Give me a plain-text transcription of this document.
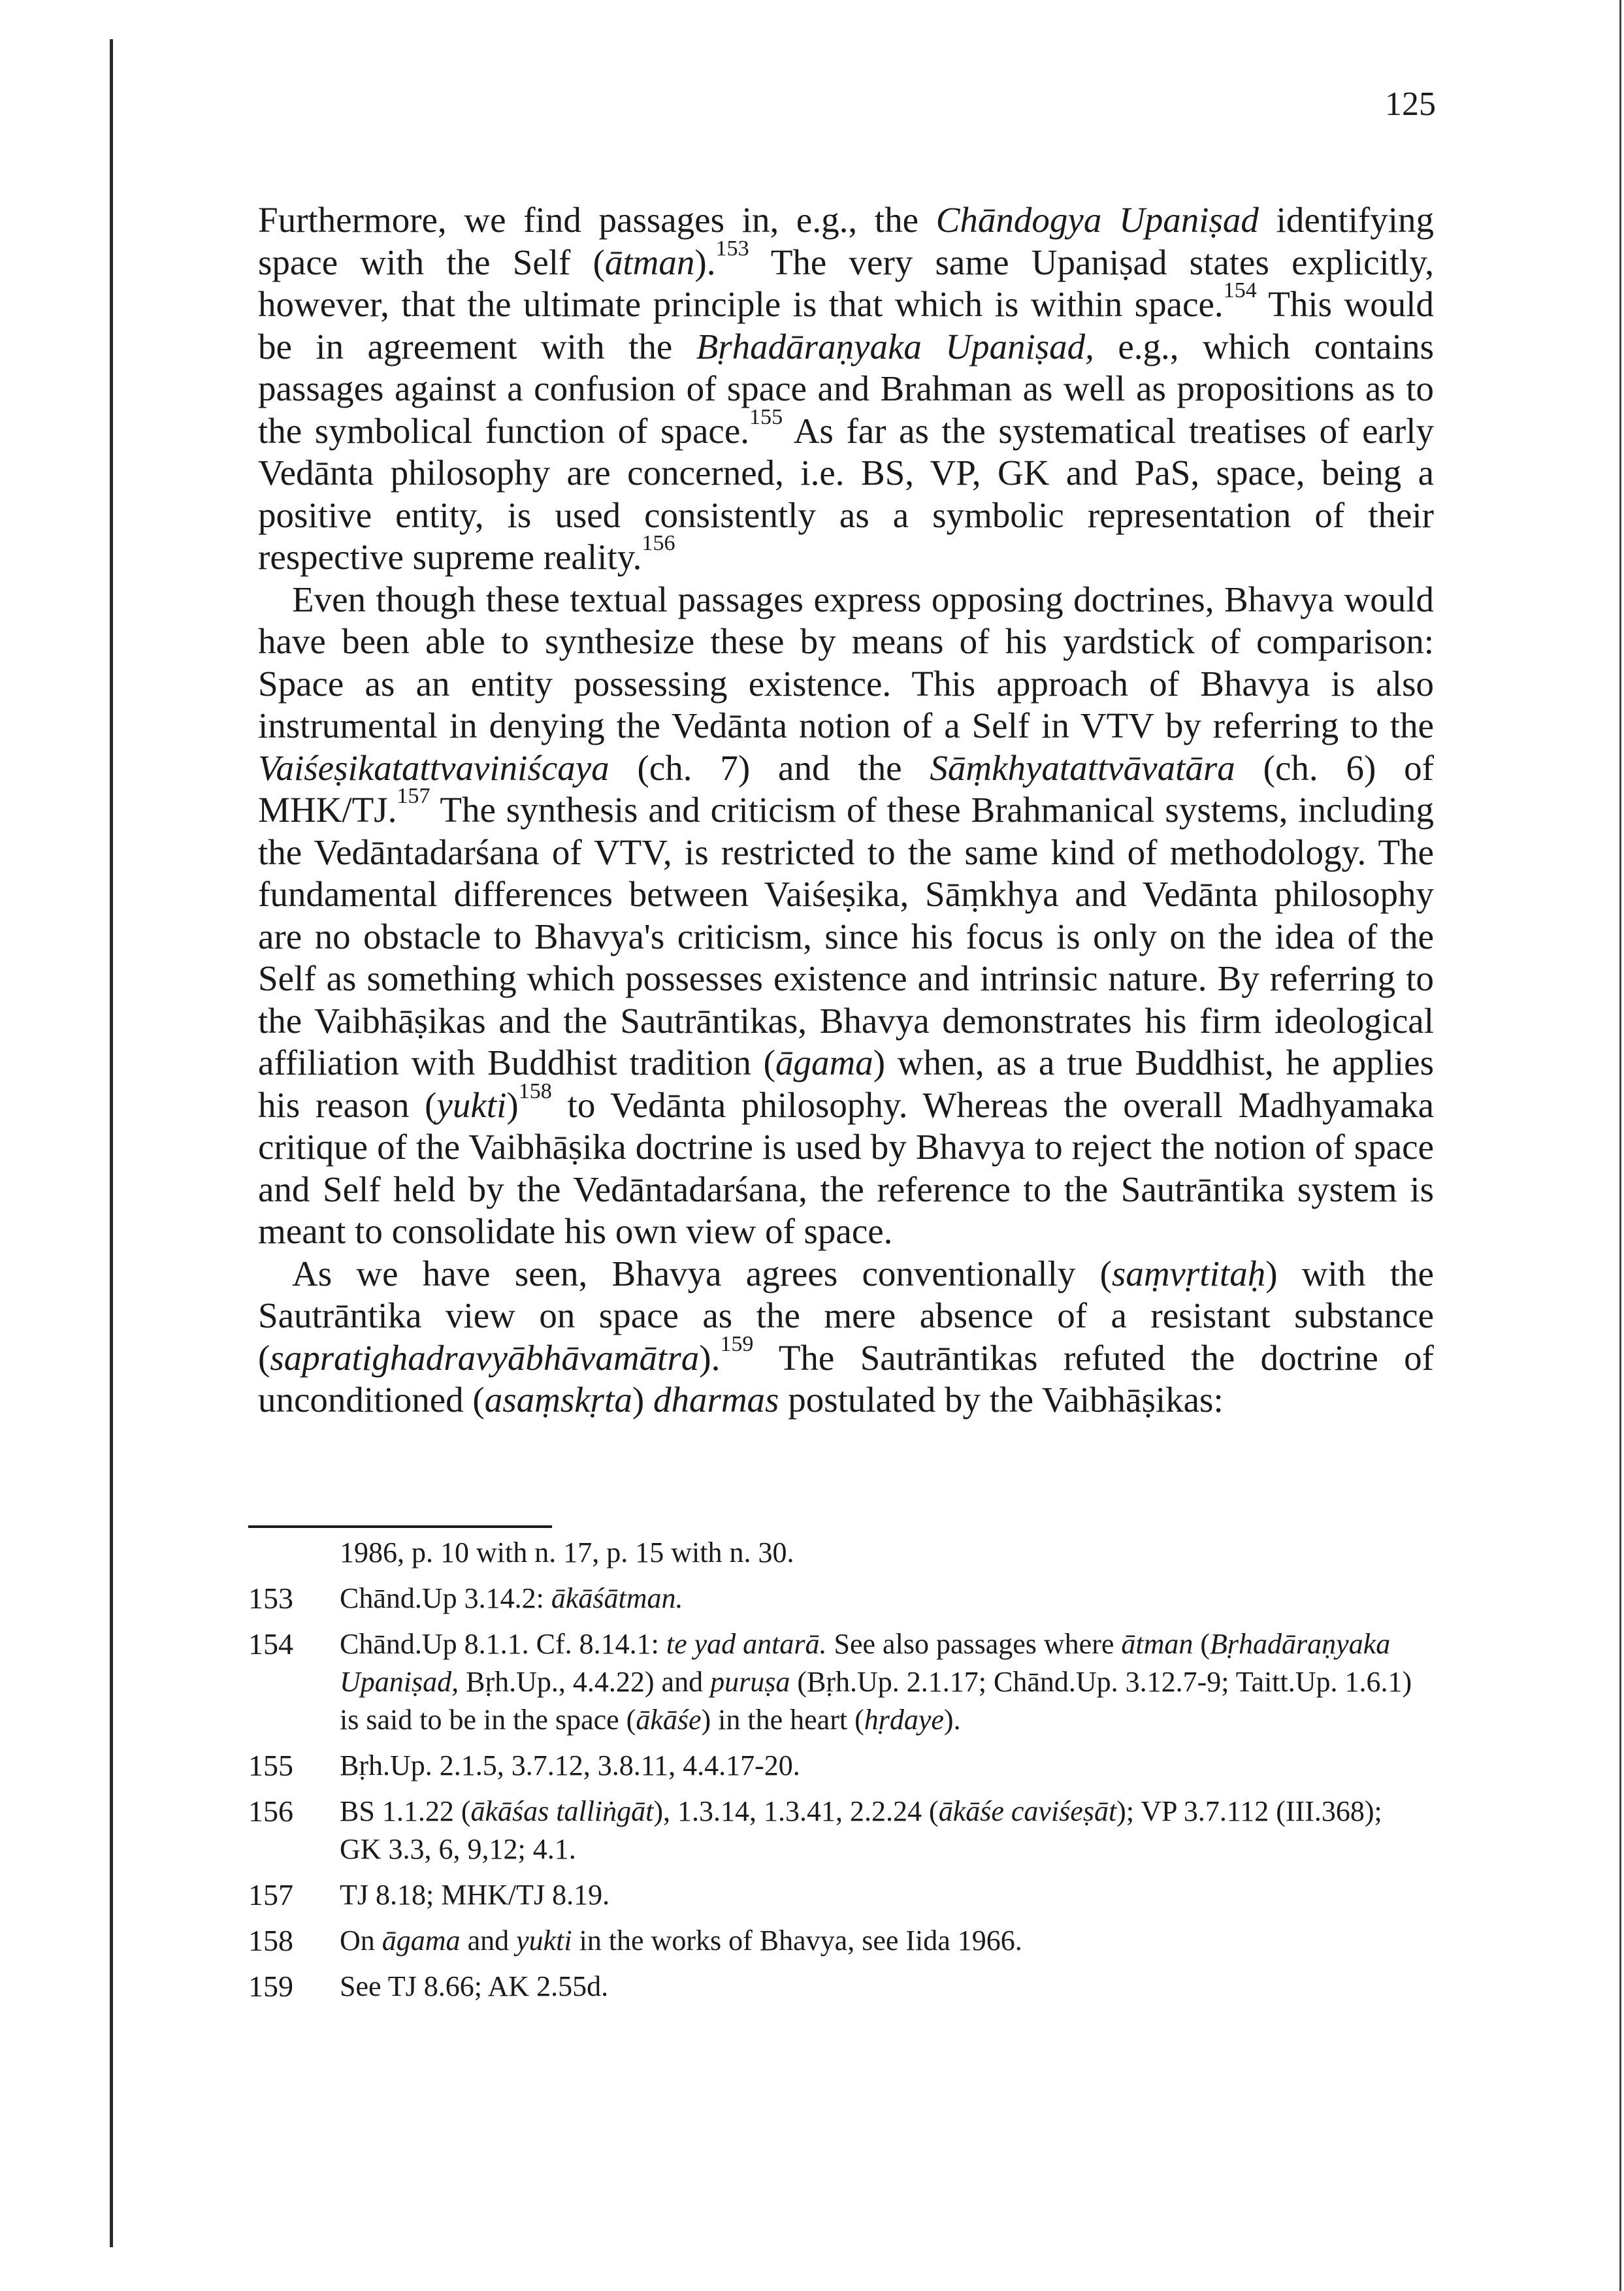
125

Furthermore, we find passages in, e.g., the Chāndogya Upaniṣad identifying space with the Self (ātman).$^{153}$ The very same Upaniṣad states explicitly, however, that the ultimate principle is that which is within space.$^{154}$ This would be in agreement with the Bṛhadāraṇyaka Upaniṣad, e.g., which contains passages against a confusion of space and Brahman as well as propositions as to the symbolical function of space.$^{155}$ As far as the systematical treatises of early Vedānta philosophy are concerned, i.e. BS, VP, GK and PaS, space, being a positive entity, is used consistently as a symbolic representation of their respective supreme reality.$^{156}$

Even though these textual passages express opposing doctrines, Bhavya would have been able to synthesize these by means of his yardstick of comparison: Space as an entity possessing existence. This approach of Bhavya is also instrumental in denying the Vedānta notion of a Self in VTV by referring to the Vaiśeṣikatattvaviniścaya (ch. 7) and the Sāṃkhyatattvāvatāra (ch. 6) of MHK/TJ.$^{157}$ The synthesis and criticism of these Brahmanical systems, including the Vedāntadarśana of VTV, is restricted to the same kind of methodology. The fundamental differences between Vaiśeṣika, Sāṃkhya and Vedānta philosophy are no obstacle to Bhavya's criticism, since his focus is only on the idea of the Self as something which possesses existence and intrinsic nature. By referring to the Vaibhāṣikas and the Sautrāntikas, Bhavya demonstrates his firm ideological affiliation with Buddhist tradition (āgama) when, as a true Buddhist, he applies his reason (yukti)$^{158}$ to Vedānta philosophy. Whereas the overall Madhyamaka critique of the Vaibhāṣika doctrine is used by Bhavya to reject the notion of space and Self held by the Vedāntadarśana, the reference to the Sautrāntika system is meant to consolidate his own view of space.

As we have seen, Bhavya agrees conventionally (saṃvṛtitaḥ) with the Sautrāntika view on space as the mere absence of a resistant substance (sapratighadravyābhāvamātra).$^{159}$ The Sautrāntikas refuted the doctrine of unconditioned (asaṃskṛta) dharmas postulated by the Vaibhāṣikas:

1986, p. 10 with n. 17, p. 15 with n. 30.
153 Chānd.Up 3.14.2: ākāśātman.
154 Chānd.Up 8.1.1. Cf. 8.14.1: te yad antarā. See also passages where ātman (Bṛhadāraṇyaka Upaniṣad, Bṛh.Up., 4.4.22) and puruṣa (Bṛh.Up. 2.1.17; Chānd.Up. 3.12.7-9; Taitt.Up. 1.6.1) is said to be in the space (ākāśe) in the heart (hṛdaye).
155 Bṛh.Up. 2.1.5, 3.7.12, 3.8.11, 4.4.17-20.
156 BS 1.1.22 (ākāśas talliṅgāt), 1.3.14, 1.3.41, 2.2.24 (ākāśe caviśeṣāt); VP 3.7.112 (III.368); GK 3.3, 6, 9,12; 4.1.
157 TJ 8.18; MHK/TJ 8.19.
158 On āgama and yukti in the works of Bhavya, see Iida 1966.
159 See TJ 8.66; AK 2.55d.
